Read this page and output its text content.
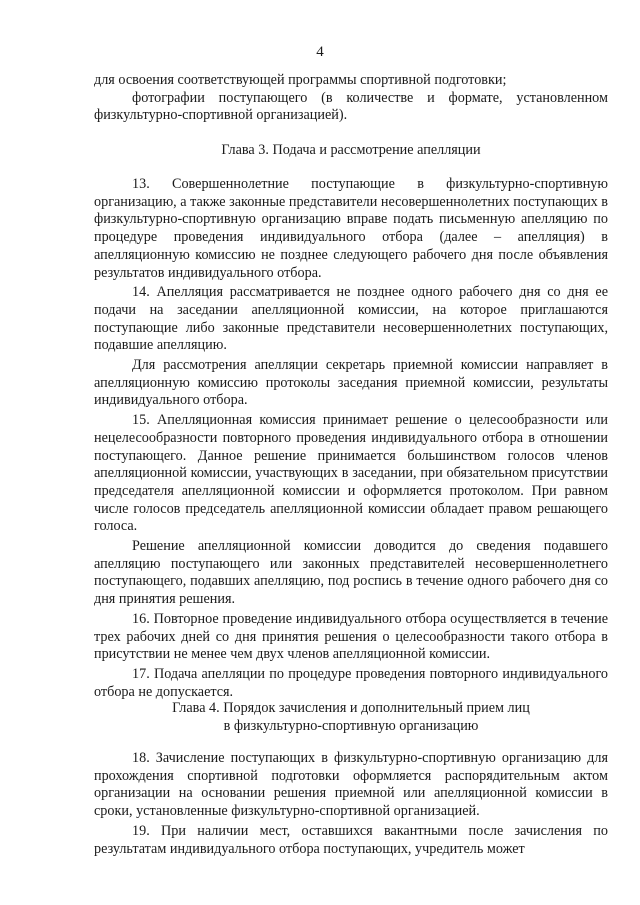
4

для освоения соответствующей программы спортивной подготовки;

фотографии поступающего (в количестве и формате, установленном физкультурно-спортивной организацией).

Глава 3. Подача и рассмотрение апелляции

13. Совершеннолетние поступающие в физкультурно-спортивную организацию, а также законные представители несовершеннолетних поступающих в физкультурно-спортивную организацию вправе подать письменную апелляцию по процедуре проведения индивидуального отбора (далее – апелляция) в апелляционную комиссию не позднее следующего рабочего дня после объявления результатов индивидуального отбора.

14. Апелляция рассматривается не позднее одного рабочего дня со дня ее подачи на заседании апелляционной комиссии, на которое приглашаются поступающие либо законные представители несовершеннолетних поступающих, подавшие апелляцию.

Для рассмотрения апелляции секретарь приемной комиссии направляет в апелляционную комиссию протоколы заседания приемной комиссии, результаты индивидуального отбора.

15. Апелляционная комиссия принимает решение о целесообразности или нецелесообразности повторного проведения индивидуального отбора в отношении поступающего. Данное решение принимается большинством голосов членов апелляционной комиссии, участвующих в заседании, при обязательном присутствии председателя апелляционной комиссии и оформляется протоколом. При равном числе голосов председатель апелляционной комиссии обладает правом решающего голоса.

Решение апелляционной комиссии доводится до сведения подавшего апелляцию поступающего или законных представителей несовершеннолетнего поступающего, подавших апелляцию, под роспись в течение одного рабочего дня со дня принятия решения.

16. Повторное проведение индивидуального отбора осуществляется в течение трех рабочих дней со дня принятия решения о целесообразности такого отбора в присутствии не менее чем двух членов апелляционной комиссии.

17. Подача апелляции по процедуре проведения повторного индивидуального отбора не допускается.

Глава 4. Порядок зачисления и дополнительный прием лиц
в физкультурно-спортивную организацию

18. Зачисление поступающих в физкультурно-спортивную организацию для прохождения спортивной подготовки оформляется распорядительным актом организации на основании решения приемной или апелляционной комиссии в сроки, установленные физкультурно-спортивной организацией.

19. При наличии мест, оставшихся вакантными после зачисления по результатам индивидуального отбора поступающих, учредитель может
